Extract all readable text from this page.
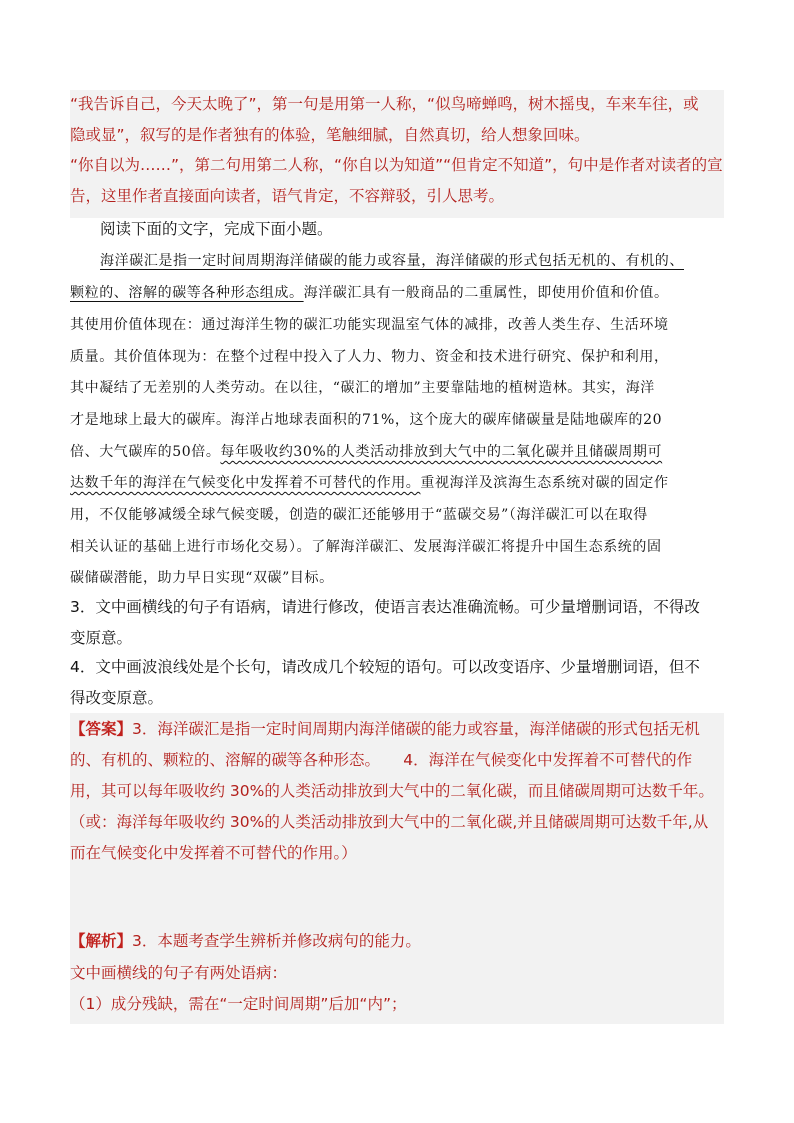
“我告诉自己，今天太晚了”，第一句是用第一人称，“似鸟啼蝉鸣，树木摇曳，车来车往，或
隐或显”，叙写的是作者独有的体验，笔触细腻，自然真切，给人想象回味。
“你自以为……”，第二句用第二人称，“你自以为知道”“但肯定不知道”，句中是作者对读者的宣
告，这里作者直接面向读者，语气肯定，不容辩驳，引人思考。
阅读下面的文字，完成下面小题。
海洋碳汇是指一定时间周期海洋储碳的能力或容量，海洋储碳的形式包括无机的、有机的、
颗粒的、溶解的碳等各种形态组成。海洋碳汇具有一般商品的二重属性，即使用价值和价值。
其使用价值体现在：通过海洋生物的碳汇功能实现温室气体的减排，改善人类生存、生活环境
质量。其价值体现为：在整个过程中投入了人力、物力、资金和技术进行研究、保护和利用，
其中凝结了无差别的人类劳动。在以往，“碳汇的增加”主要靠陆地的植树造林。其实，海洋
才是地球上最大的碳库。海洋占地球表面积的71%，这个庞大的碳库储碳量是陆地碳库的20
倍、大气碳库的50倍。每年吸收约30%的人类活动排放到大气中的二氧化碳并且储碳周期可
达数千年的海洋在气候变化中发挥着不可替代的作用。重视海洋及滨海生态系统对碳的固定作
用，不仅能够减缓全球气候变暖，创造的碳汇还能够用于“蓝碳交易”（海洋碳汇可以在取得
相关认证的基础上进行市场化交易）。了解海洋碳汇、发展海洋碳汇将提升中国生态系统的固
碳储碳潜能，助力早日实现“双碳”目标。
3．文中画横线的句子有语病，请进行修改，使语言表达准确流畅。可少量增删词语，不得改
变原意。
4．文中画波浪线处是个长句，请改成几个较短的语句。可以改变语序、少量增删词语，但不
得改变原意。
【答案】3．海洋碳汇是指一定时间周期内海洋储碳的能力或容量，海洋储碳的形式包括无机
的、有机的、颗粒的、溶解的碳等各种形态。　　4．海洋在气候变化中发挥着不可替代的作
用，其可以每年吸收约 30%的人类活动排放到大气中的二氧化碳，而且储碳周期可达数千年。
（或：海洋每年吸收约 30%的人类活动排放到大气中的二氧化碳,并且储碳周期可达数千年,从
而在气候变化中发挥着不可替代的作用。）
【解析】3．本题考查学生辨析并修改病句的能力。
文中画横线的句子有两处语病：
（1）成分残缺，需在“一定时间周期”后加“内”；
